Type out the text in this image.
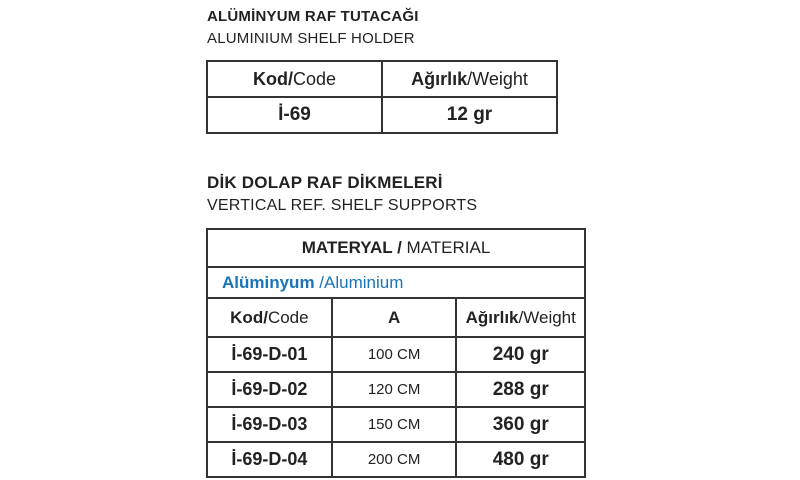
ALÜMİNYUM RAF TUTACAĞI
ALUMINIUM SHELF HOLDER
Kod/Code	Ağırlık/Weight
İ-69	12 gr
DİK DOLAP RAF DİKMELERİ
VERTICAL REF. SHELF SUPPORTS
MATERYAL / MATERIAL		
Alüminyum /Aluminium		
Kod/Code	A	Ağırlık/Weight
İ-69-D-01	100 CM	240 gr
İ-69-D-02	120 CM	288 gr
İ-69-D-03	150 CM	360 gr
İ-69-D-04	200 CM	480 gr
